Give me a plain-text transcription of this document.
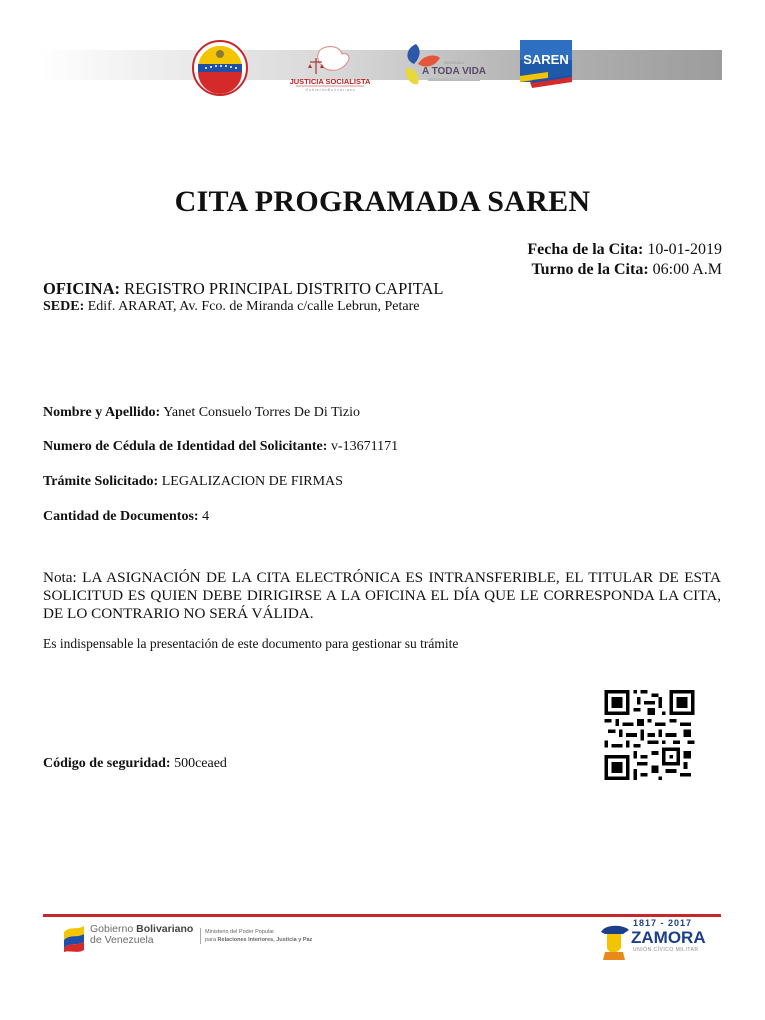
JUSTICIA SOCIALISTA
G o b i e r n o B o l i v a r i a n o
A TODA VIDA
VENEZUELA	SAREN
CITA PROGRAMADA SAREN
Fecha de la Cita: 10-01-2019
Turno de la Cita: 06:00 A.M
OFICINA: REGISTRO PRINCIPAL DISTRITO CAPITAL
SEDE: Edif. ARARAT, Av. Fco. de Miranda c/calle Lebrun, Petare
Nombre y Apellido: Yanet Consuelo Torres De Di Tizio
Numero de Cédula de Identidad del Solicitante: v-13671171
Trámite Solicitado: LEGALIZACION DE FIRMAS
Cantidad de Documentos: 4
Nota: LA ASIGNACIÓN DE LA CITA ELECTRÓNICA ES INTRANSFERIBLE, EL TITULAR DE ESTA SOLICITUD ES QUIEN DEBE DIRIGIRSE A LA OFICINA EL DÍA QUE LE CORRESPONDA LA CITA, DE LO CONTRARIO NO SERÁ VÁLIDA.
Es indispensable la presentación de este documento para gestionar su trámite
Código de seguridad: 500ceaed
Gobierno Bolivariano
de Venezuela
Ministerio del Poder Popular
para Relaciones Interiores, Justicia y Paz
1817 - 2017
ZAMORA
UNIÓN CÍVICO MILITAR
